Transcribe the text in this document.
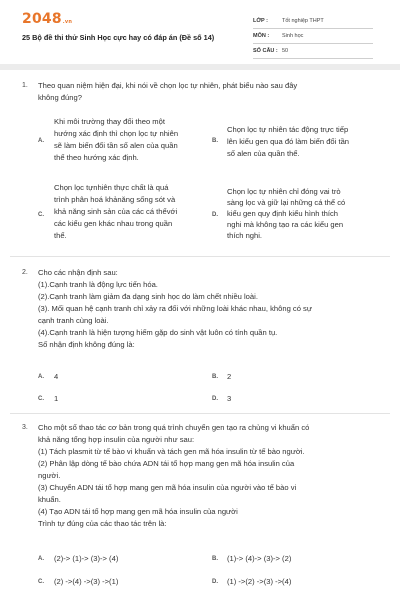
2048.vn
25 Bộ đề thi thử Sinh Học cực hay có đáp án (Đề số 14)
LỚP :	Tốt nghiệp THPT
MÔN :	Sinh học
SỐ CÂU : 50
1. Theo quan niệm hiện đại, khi nói về chọn lọc tự nhiên, phát biểu nào sau đây
không đúng?
A.
Khi môi trường thay đổi theo một
hướng xác định thì chọn lọc tự nhiên
sẽ làm biến đổi tần số alen của quần
thể theo hướng xác định.
B.
Chọn lọc tự nhiên tác động trực tiếp
lên kiểu gen qua đó làm biến đổi tần
số alen của quần thể.
C.
Chọn lọc tựnhiên thực chất là quá
trình phân hoá khảnăng sống sót và
khả năng sinh sản của các cá thểvới
các kiểu gen khác nhau trong quần
thể.
D.
Chọn lọc tự nhiên chỉ đóng vai trò
sàng lọc và giữ lại những cá thể có
kiểu gen quy định kiểu hình thích
nghi mà không tạo ra các kiểu gen
thích nghi.
2. Cho các nhận định sau:
(1).Cạnh tranh là động lực tiến hóa.
(2).Cạnh tranh làm giảm đa dạng sinh học do làm chết nhiều loài.
(3). Mối quan hệ cạnh tranh chỉ xảy ra đối với những loài khác nhau, không có sự
cạnh tranh cùng loài.
(4).Cạnh tranh là hiện tượng hiếm gặp do sinh vật luôn có tính quần tụ.
Số nhận định không đúng là:
A. 4	B. 2
C. 1	D. 3
3. Cho một số thao tác cơ bản trong quá trình chuyển gen tạo ra chủng vi khuẩn có
khả năng tổng hợp insulin của người như sau:
(1) Tách plasmit từ tế bào vi khuẩn và tách gen mã hóa insulin từ tế bào người.
(2) Phân lập dòng tế bào chứa ADN tái tổ hợp mang gen mã hóa insulin của
người.
(3) Chuyển ADN tái tổ hợp mang gen mã hóa insulin của người vào tế bào vi
khuẩn.
(4) Tạo ADN tái tổ hợp mang gen mã hóa insulin của người
Trình tự đúng của các thao tác trên là:
A. (2)-> (1)-> (3)-> (4)	B. (1)-> (4)-> (3)-> (2)
C. (2) ->(4) ->(3) ->(1)	D. (1) ->(2) ->(3) ->(4)
